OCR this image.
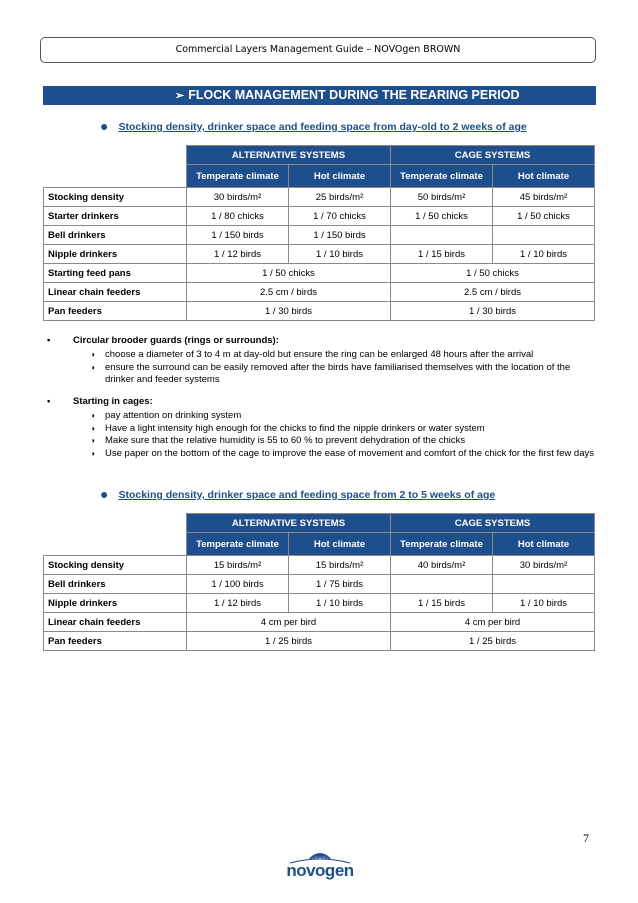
Commercial Layers Management Guide – NOVOgen BROWN
➢ FLOCK MANAGEMENT DURING THE REARING PERIOD
● Stocking density, drinker space and feeding space from day-old to 2 weeks of age
	ALTERNATIVE SYSTEMS		CAGE SYSTEMS	
	Temperate climate	Hot climate	Temperate climate	Hot climate
Stocking density	30 birds/m²	25 birds/m²	50 birds/m²	45 birds/m²
Starter drinkers	1 / 80 chicks	1 / 70 chicks	1 / 50 chicks	1 / 50 chicks
Bell drinkers	1 / 150 birds	1 / 150 birds		
Nipple drinkers	1 / 12 birds	1 / 10 birds	1 / 15 birds	1 / 10 birds
Starting feed pans	1 / 50 chicks		1 / 50 chicks	
Linear chain feeders	2.5 cm / birds		2.5 cm / birds	
Pan feeders	1 / 30 birds		1 / 30 birds	
•	Circular brooder guards (rings or surrounds):
◗ choose a diameter of 3 to 4 m at day-old but ensure the ring can be enlarged 48 hours after the arrival
◗ ensure the surround can be easily removed after the birds have familiarised themselves with the location of the drinker and feeder systems
•	Starting in cages:
◗ pay attention on drinking system
◗ Have a light intensity high enough for the chicks to find the nipple drinkers or water system
◗ Make sure that the relative humidity is 55 to 60 % to prevent dehydration of the chicks
◗ Use paper on the bottom of the cage to improve the ease of movement and comfort of the chick for the first few days
● Stocking density, drinker space and feeding space from 2 to 5 weeks of age
	ALTERNATIVE SYSTEMS		CAGE SYSTEMS	
	Temperate climate	Hot climate	Temperate climate	Hot climate
Stocking density	15 birds/m²	15 birds/m²	40 birds/m²	30 birds/m²
Bell drinkers	1 / 100 birds	1 / 75 birds		
Nipple drinkers	1 / 12 birds	1 / 10 birds	1 / 15 birds	1 / 10 birds
Linear chain feeders	4 cm per bird		4 cm per bird	
Pan feeders	1 / 25 birds		1 / 25 birds	
7
novogen
